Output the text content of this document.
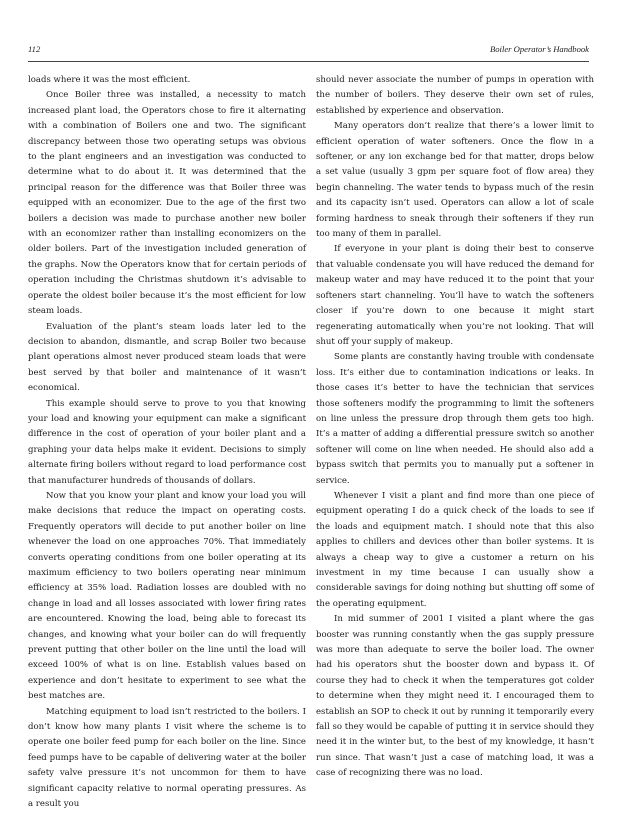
112	Boiler Operator’s Handbook

loads where it was the most efficient.

Once Boiler three was installed, a necessity to match increased plant load, the Operators chose to fire it alternating with a combination of Boilers one and two. The significant discrepancy between those two operating setups was obvious to the plant engineers and an investigation was conducted to determine what to do about it. It was determined that the principal reason for the difference was that Boiler three was equipped with an economizer. Due to the age of the first two boilers a decision was made to purchase another new boiler with an economizer rather than installing economizers on the older boilers. Part of the investigation included generation of the graphs. Now the Operators know that for certain periods of operation including the Christmas shutdown it’s advisable to operate the oldest boiler because it’s the most efficient for low steam loads.

Evaluation of the plant’s steam loads later led to the decision to abandon, dismantle, and scrap Boiler two because plant operations almost never produced steam loads that were best served by that boiler and maintenance of it wasn’t economical.

This example should serve to prove to you that knowing your load and knowing your equipment can make a significant difference in the cost of operation of your boiler plant and a graphing your data helps make it evident. Decisions to simply alternate firing boilers without regard to load performance cost that manufacturer hundreds of thousands of dollars.

Now that you know your plant and know your load you will make decisions that reduce the impact on operating costs. Frequently operators will decide to put another boiler on line whenever the load on one approaches 70%. That immediately converts operating conditions from one boiler operating at its maximum efficiency to two boilers operating near minimum efficiency at 35% load. Radiation losses are doubled with no change in load and all losses associated with lower firing rates are encountered. Knowing the load, being able to forecast its changes, and knowing what your boiler can do will frequently prevent putting that other boiler on the line until the load will exceed 100% of what is on line. Establish values based on experience and don’t hesitate to experiment to see what the best matches are.

Matching equipment to load isn’t restricted to the boilers. I don’t know how many plants I visit where the scheme is to operate one boiler feed pump for each boiler on the line. Since feed pumps have to be capable of delivering water at the boiler safety valve pressure it’s not uncommon for them to have significant capacity relative to normal operating pressures. As a result you

should never associate the number of pumps in operation with the number of boilers. They deserve their own set of rules, established by experience and observation.

Many operators don’t realize that there’s a lower limit to efficient operation of water softeners. Once the flow in a softener, or any ion exchange bed for that matter, drops below a set value (usually 3 gpm per square foot of flow area) they begin channeling. The water tends to bypass much of the resin and its capacity isn’t used. Operators can allow a lot of scale forming hardness to sneak through their softeners if they run too many of them in parallel.

If everyone in your plant is doing their best to conserve that valuable condensate you will have reduced the demand for makeup water and may have reduced it to the point that your softeners start channeling. You’ll have to watch the softeners closer if you’re down to one because it might start regenerating automatically when you’re not looking. That will shut off your supply of makeup.

Some plants are constantly having trouble with condensate loss. It’s either due to contamination indications or leaks. In those cases it’s better to have the technician that services those softeners modify the programming to limit the softeners on line unless the pressure drop through them gets too high. It’s a matter of adding a differential pressure switch so another softener will come on line when needed. He should also add a bypass switch that permits you to manually put a softener in service.

Whenever I visit a plant and find more than one piece of equipment operating I do a quick check of the loads to see if the loads and equipment match. I should note that this also applies to chillers and devices other than boiler systems. It is always a cheap way to give a customer a return on his investment in my time because I can usually show a considerable savings for doing nothing but shutting off some of the operating equipment.

In mid summer of 2001 I visited a plant where the gas booster was running constantly when the gas supply pressure was more than adequate to serve the boiler load. The owner had his operators shut the booster down and bypass it. Of course they had to check it when the temperatures got colder to determine when they might need it. I encouraged them to establish an SOP to check it out by running it temporarily every fall so they would be capable of putting it in service should they need it in the winter but, to the best of my knowledge, it hasn’t run since. That wasn’t just a case of matching load, it was a case of recognizing there was no load.
